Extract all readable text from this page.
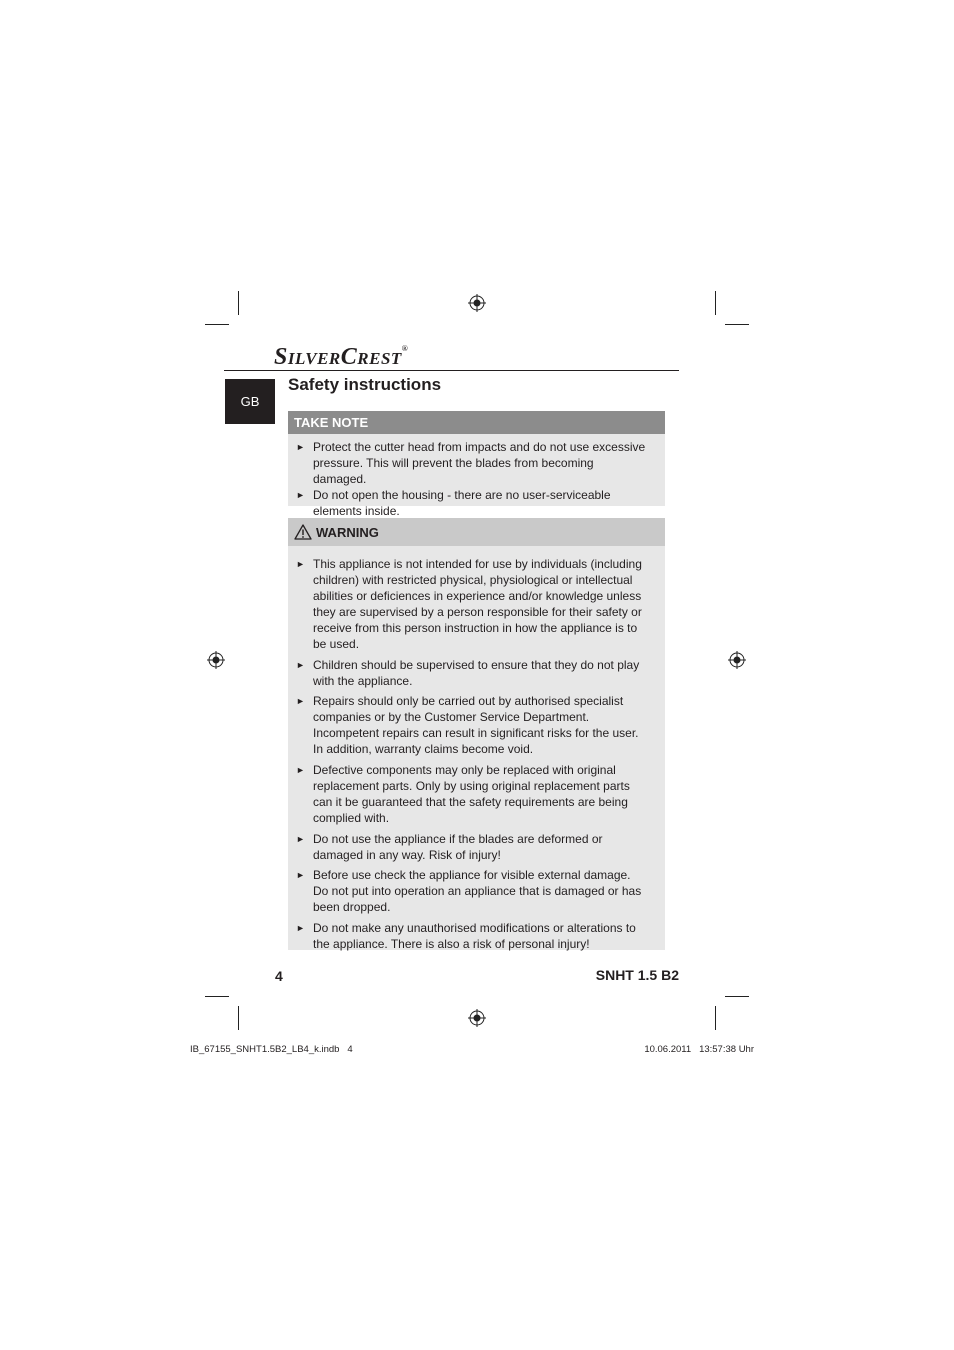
SILVERCREST®
GB
Safety instructions
TAKE NOTE
► Protect the cutter head from impacts and do not use excessive pressure. This will prevent the blades from becoming damaged.
► Do not open the housing - there are no user-serviceable elements inside.
WARNING
► This appliance is not intended for use by individuals (including children) with restricted physical, physiological or intellectual abilities or deficiences in experience and/or knowledge unless they are supervised by a person responsible for their safety or receive from this person instruction in how the appliance is to be used.
► Children should be supervised to ensure that they do not play with the appliance.
► Repairs should only be carried out by authorised specialist companies or by the Customer Service Department. Incompetent repairs can result in significant risks for the user. In addition, warranty claims become void.
► Defective components may only be replaced with original replacement parts. Only by using original replacement parts can it be guaranteed that the safety requirements are being complied with.
► Do not use the appliance if the blades are deformed or damaged in any way. Risk of injury!
► Before use check the appliance for visible external damage. Do not put into operation an appliance that is damaged or has been dropped.
► Do not make any unauthorised modifications or alterations to the appliance. There is also a risk of personal injury!
4	SNHT 1.5 B2
IB_67155_SNHT1.5B2_LB4_k.indb   4	10.06.2011   13:57:38 Uhr
